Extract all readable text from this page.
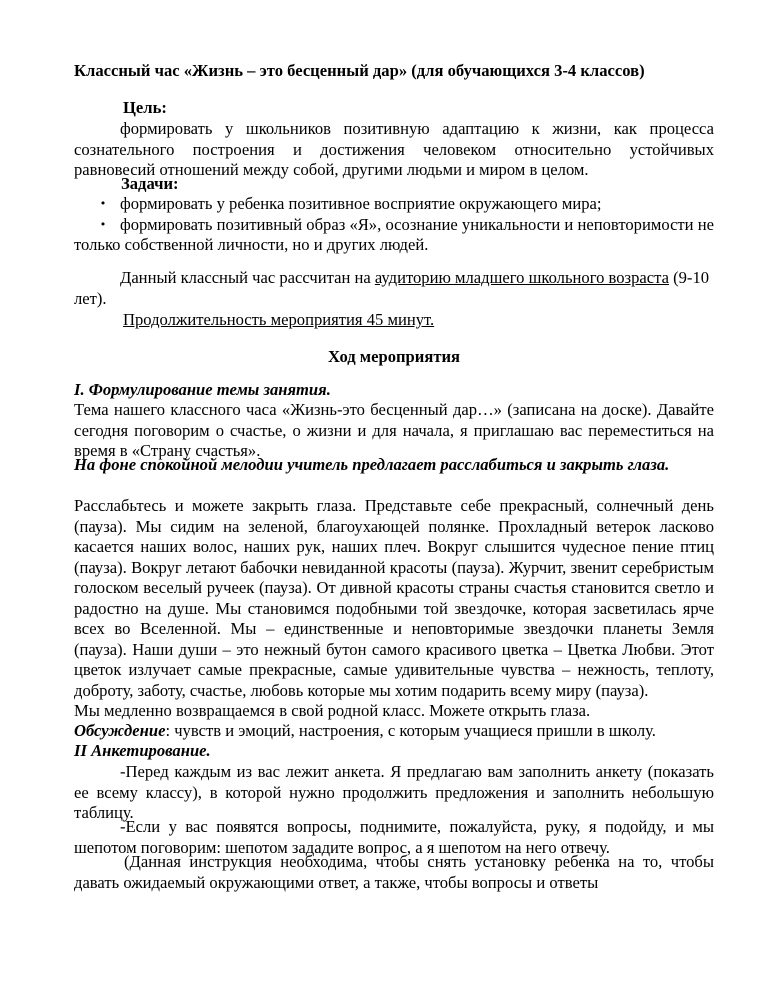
Классный час «Жизнь – это бесценный дар» (для обучающихся 3-4 классов)

Цель:

формировать у школьников позитивную адаптацию к жизни, как процесса сознательного построения и достижения человеком относительно устойчивых равновесий отношений между собой, другими людьми и миром в целом.

Задачи:

• формировать у ребенка позитивное восприятие окружающего мира;
• формировать позитивный образ «Я», осознание уникальности и неповторимости не только собственной личности, но и других людей.

Данный классный час рассчитан на аудиторию младшего школьного возраста (9-10 лет).

Продолжительность мероприятия 45 минут.

Ход мероприятия

I. Формулирование темы занятия.

Тема нашего классного часа «Жизнь-это бесценный дар…» (записана на доске). Давайте сегодня поговорим о счастье, о жизни и для начала, я приглашаю вас переместиться на время в «Страну счастья».

На фоне спокойной мелодии учитель предлагает расслабиться и закрыть глаза.

Расслабьтесь и можете закрыть глаза. Представьте себе прекрасный, солнечный день (пауза). Мы сидим на зеленой, благоухающей полянке. Прохладный ветерок ласково касается наших волос, наших рук, наших плеч. Вокруг слышится чудесное пение птиц (пауза). Вокруг летают бабочки невиданной красоты (пауза). Журчит, звенит серебристым голоском веселый ручеек (пауза). От дивной красоты страны счастья становится светло и радостно на душе. Мы становимся подобными той звездочке, которая засветилась ярче всех во Вселенной. Мы – единственные и неповторимые звездочки планеты Земля (пауза). Наши души – это нежный бутон самого красивого цветка – Цветка Любви. Этот цветок излучает самые прекрасные, самые удивительные чувства – нежность, теплоту, доброту, заботу, счастье, любовь которые мы хотим подарить всему миру (пауза).

Мы медленно возвращаемся в свой родной класс. Можете открыть глаза.

Обсуждение: чувств и эмоций, настроения, с которым учащиеся пришли в школу.

II Анкетирование.

-Перед каждым из вас лежит анкета. Я предлагаю вам заполнить анкету (показать ее всему классу), в которой нужно продолжить предложения и заполнить небольшую таблицу.

-Если у вас появятся вопросы, поднимите, пожалуйста, руку, я подойду, и мы шепотом поговорим: шепотом зададите вопрос, а я шепотом на него отвечу.

(Данная инструкция необходима, чтобы снять установку ребенка на то, чтобы давать ожидаемый окружающими ответ, а также, чтобы вопросы и ответы
